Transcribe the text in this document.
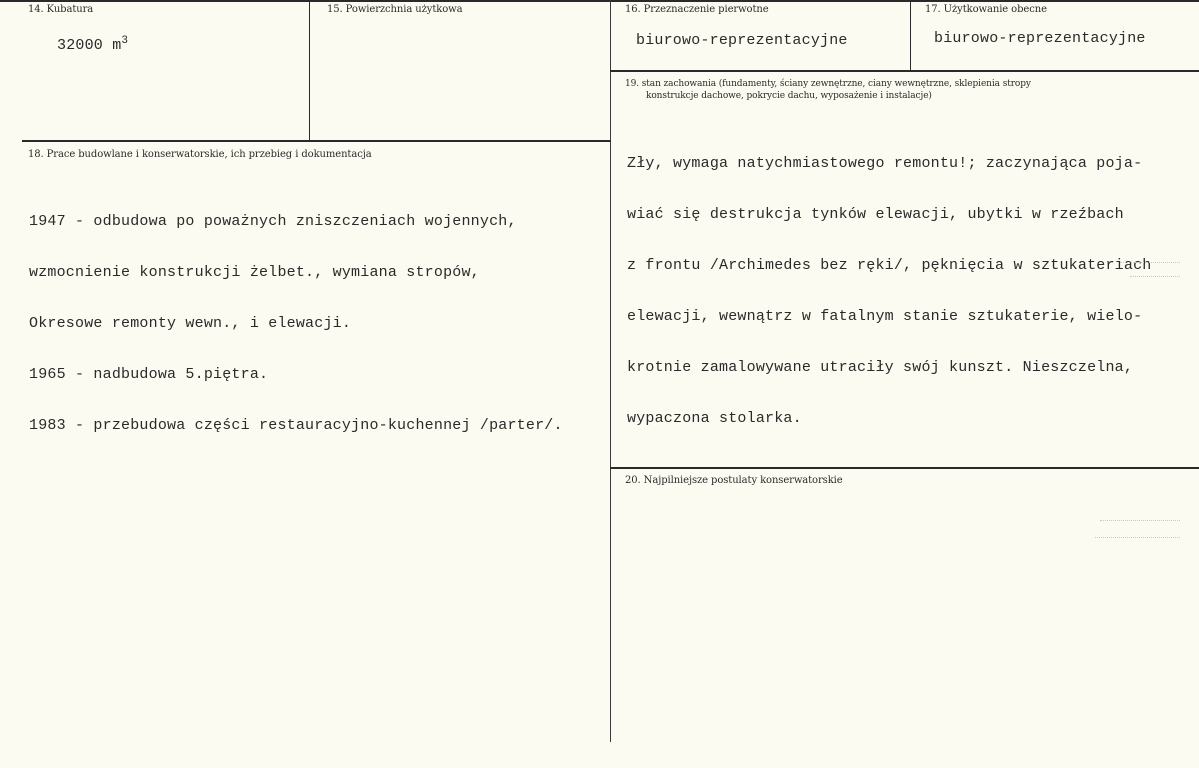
14. Kubatura
32000 $m^3$
15. Powierzchnia użytkowa	16. Przeznaczenie pierwotne
biurowo-reprezentacyjne
17. Użytkowanie obecne
biurowo-reprezentacyjne
19. stan zachowania (fundamenty, ściany zewnętrzne, ciany wewnętrzne, sklepienia stropy
konstrukcje dachowe, pokrycie dachu, wyposażenie i instalacje)

Zły, wymaga natychmiastowego remontu!; zaczynająca poja-

wiać się destrukcja tynków elewacji, ubytki w rzeźbach

z frontu /Archimedes bez ręki/, pęknięcia w sztukateriach

elewacji, wewnątrz w fatalnym stanie sztukaterie, wielo-

krotnie zamalowywane utraciły swój kunszt. Nieszczelna,

wypaczona stolarka.

18. Prace budowlane i konserwatorskie, ich przebieg i dokumentacja

1947 - odbudowa po poważnych zniszczeniach wojennych,

wzmocnienie konstrukcji żelbet., wymiana stropów,

Okresowe remonty wewn., i elewacji.

1965 - nadbudowa 5.piętra.

1983 - przebudowa części restauracyjno-kuchennej /parter/.

20. Najpilniejsze postulaty konserwatorskie
